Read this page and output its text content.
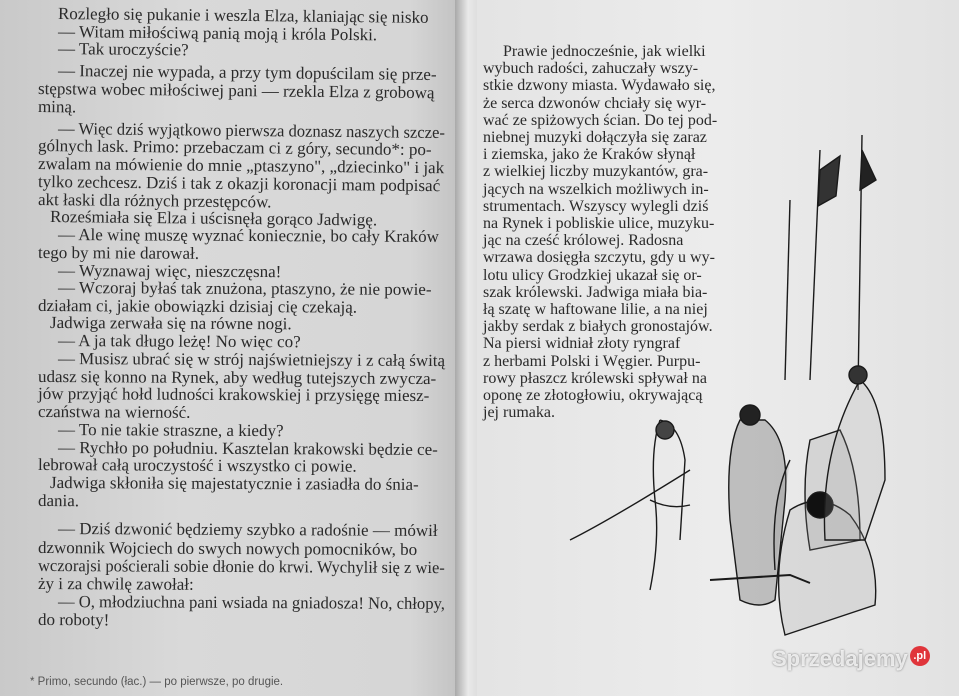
* Primo, secundo (łac.) — po pierwsze, po drugie.
Rozległo się pukanie i weszla Elza, klaniając się nisko
— Witam miłościwą panią moją i króla Polski.
— Tak uroczyście?
— Inaczej nie wypada, a przy tym dopuścilam się prze-
stępstwa wobec miłościwej pani — rzekla Elza z grobową
miną.
— Więc dziś wyjątkowo pierwsza doznasz naszych szcze-
gólnych lask. Primo: przebaczam ci z góry, secundo*: po-
zwalam na mówienie do mnie „ptaszyno", „dziecinko" i jak
tylko zechcesz. Dziś i tak z okazji koronacji mam podpisać
akt łaski dla różnych przestępców.
Roześmiała się Elza i uścisnęła gorąco Jadwigę.
— Ale winę muszę wyznać koniecznie, bo cały Kraków
tego by mi nie darował.
— Wyznawaj więc, nieszczęsna!
— Wczoraj byłaś tak znużona, ptaszyno, że nie powie-
działam ci, jakie obowiązki dzisiaj cię czekają.
Jadwiga zerwała się na równe nogi.
— A ja tak długo leżę! No więc co?
— Musisz ubrać się w strój najświetniejszy i z całą świtą
udasz się konno na Rynek, aby według tutejszych zwycza-
jów przyjąć hołd ludności krakowskiej i przysięgę miesz-
czaństwa na wierność.
— To nie takie straszne, a kiedy?
— Rychło po południu. Kasztelan krakowski będzie ce-
lebrował całą uroczystość i wszystko ci powie.
Jadwiga skłoniła się majestatycznie i zasiadła do śnia-
dania.
— Dziś dzwonić będziemy szybko a radośnie — mówił
dzwonnik Wojciech do swych nowych pomocników, bo
wczorajsi pościerali sobie dłonie do krwi. Wychylił się z wie-
ży i za chwilę zawołał:
— O, młodziuchna pani wsiada na gniadosza! No, chłopy,
do roboty!
Prawie jednocześnie, jak wielki
wybuch radości, zahuczały wszy-
stkie dzwony miasta. Wydawało się,
że serca dzwonów chciały się wyr-
wać ze spiżowych ścian. Do tej pod-
niebnej muzyki dołączyła się zaraz
i ziemska, jako że Kraków słynął
z wielkiej liczby muzykantów, gra-
jących na wszelkich możliwych in-
strumentach. Wszyscy wylegli dziś
na Rynek i pobliskie ulice, muzyku-
jąc na cześć królowej. Radosna
wrzawa dosięgła szczytu, gdy u wy-
lotu ulicy Grodzkiej ukazał się or-
szak królewski. Jadwiga miała bia-
łą szatę w haftowane lilie, a na niej
jakby serdak z białych gronostajów.
Na piersi widniał złoty ryngraf
z herbami Polski i Węgier. Purpu-
rowy płaszcz królewski spływał na
oponę ze złotogłowiu, okrywającą
jej rumaka.
Sprzedajemy .pl
